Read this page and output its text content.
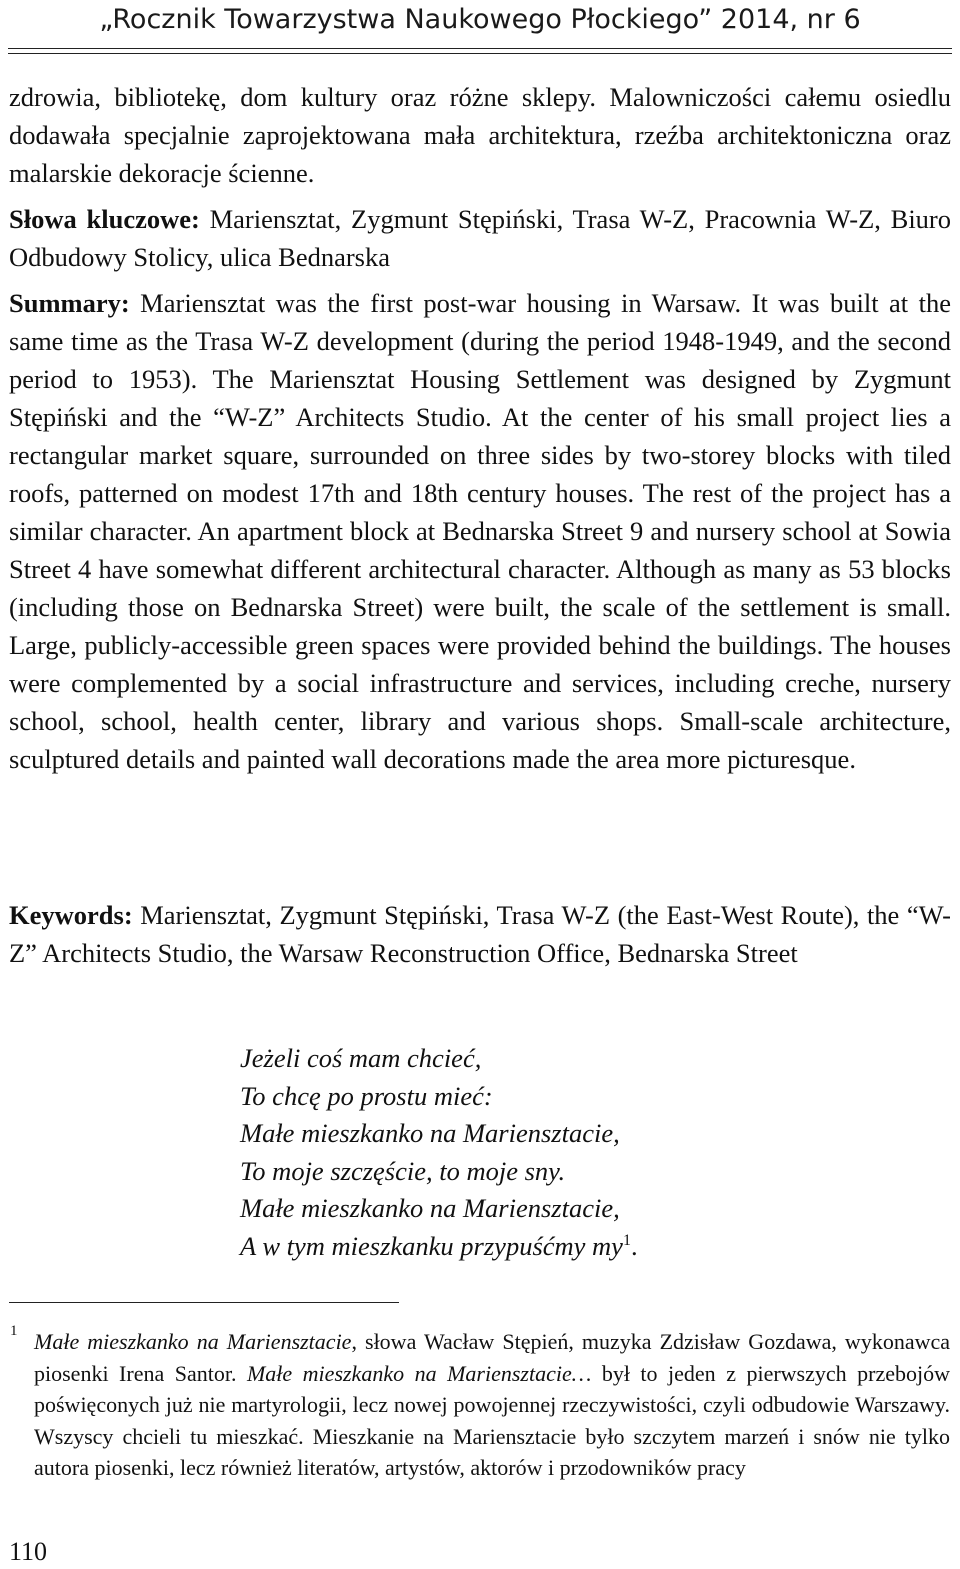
„Rocznik Towarzystwa Naukowego Płockiego” 2014, nr 6

zdrowia, bibliotekę, dom kultury oraz różne sklepy. Malowniczości całemu osiedlu dodawała specjalnie zaprojektowana mała architektura, rzeźba architektoniczna oraz malarskie dekoracje ścienne.

Słowa kluczowe: Mariensztat, Zygmunt Stępiński, Trasa W-Z, Pracownia W-Z, Biuro Odbudowy Stolicy, ulica Bednarska

Summary: Mariensztat was the first post-war housing in Warsaw. It was built at the same time as the Trasa W-Z development (during the period 1948-1949, and the second period to 1953). The Mariensztat Housing Settlement was designed by Zygmunt Stępiński and the “W-Z” Architects Studio. At the center of his small project lies a rectangular market square, surrounded on three sides by two-storey blocks with tiled roofs, patterned on modest 17th and 18th century houses. The rest of the project has a similar character. An apartment block at Bednarska Street 9 and nursery school at Sowia Street 4 have somewhat different architectural character. Although as many as 53 blocks (including those on Bednarska Street) were built, the scale of the settlement is small. Large, publicly-accessible green spaces were provided behind the buildings. The houses were complemented by a social infrastructure and services, including creche, nursery school, school, health center, library and various shops. Small-scale architecture, sculptured details and painted wall decorations made the area more picturesque.

Keywords: Mariensztat, Zygmunt Stępiński, Trasa W-Z (the East-West Route), the “W-Z” Architects Studio, the Warsaw Reconstruction Office, Bednarska Street

Jeżeli coś mam chcieć,
To chcę po prostu mieć:
Małe mieszkanko na Mariensztacie,
To moje szczęście, to moje sny.
Małe mieszkanko na Mariensztacie,
A w tym mieszkanku przypuśćmy $my^1$.
1 Małe mieszkanko na Mariensztacie, słowa Wacław Stępień, muzyka Zdzisław Gozdawa, wykonawca piosenki Irena Santor. Małe mieszkanko na Mariensztacie… był to jeden z pierwszych przebojów poświęconych już nie martyrologii, lecz nowej powojennej rzeczywistości, czyli odbudowie Warszawy. Wszyscy chcieli tu mieszkać. Mieszkanie na Mariensztacie było szczytem marzeń i snów nie tylko autora piosenki, lecz również literatów, artystów, aktorów i przodowników pracy

110
